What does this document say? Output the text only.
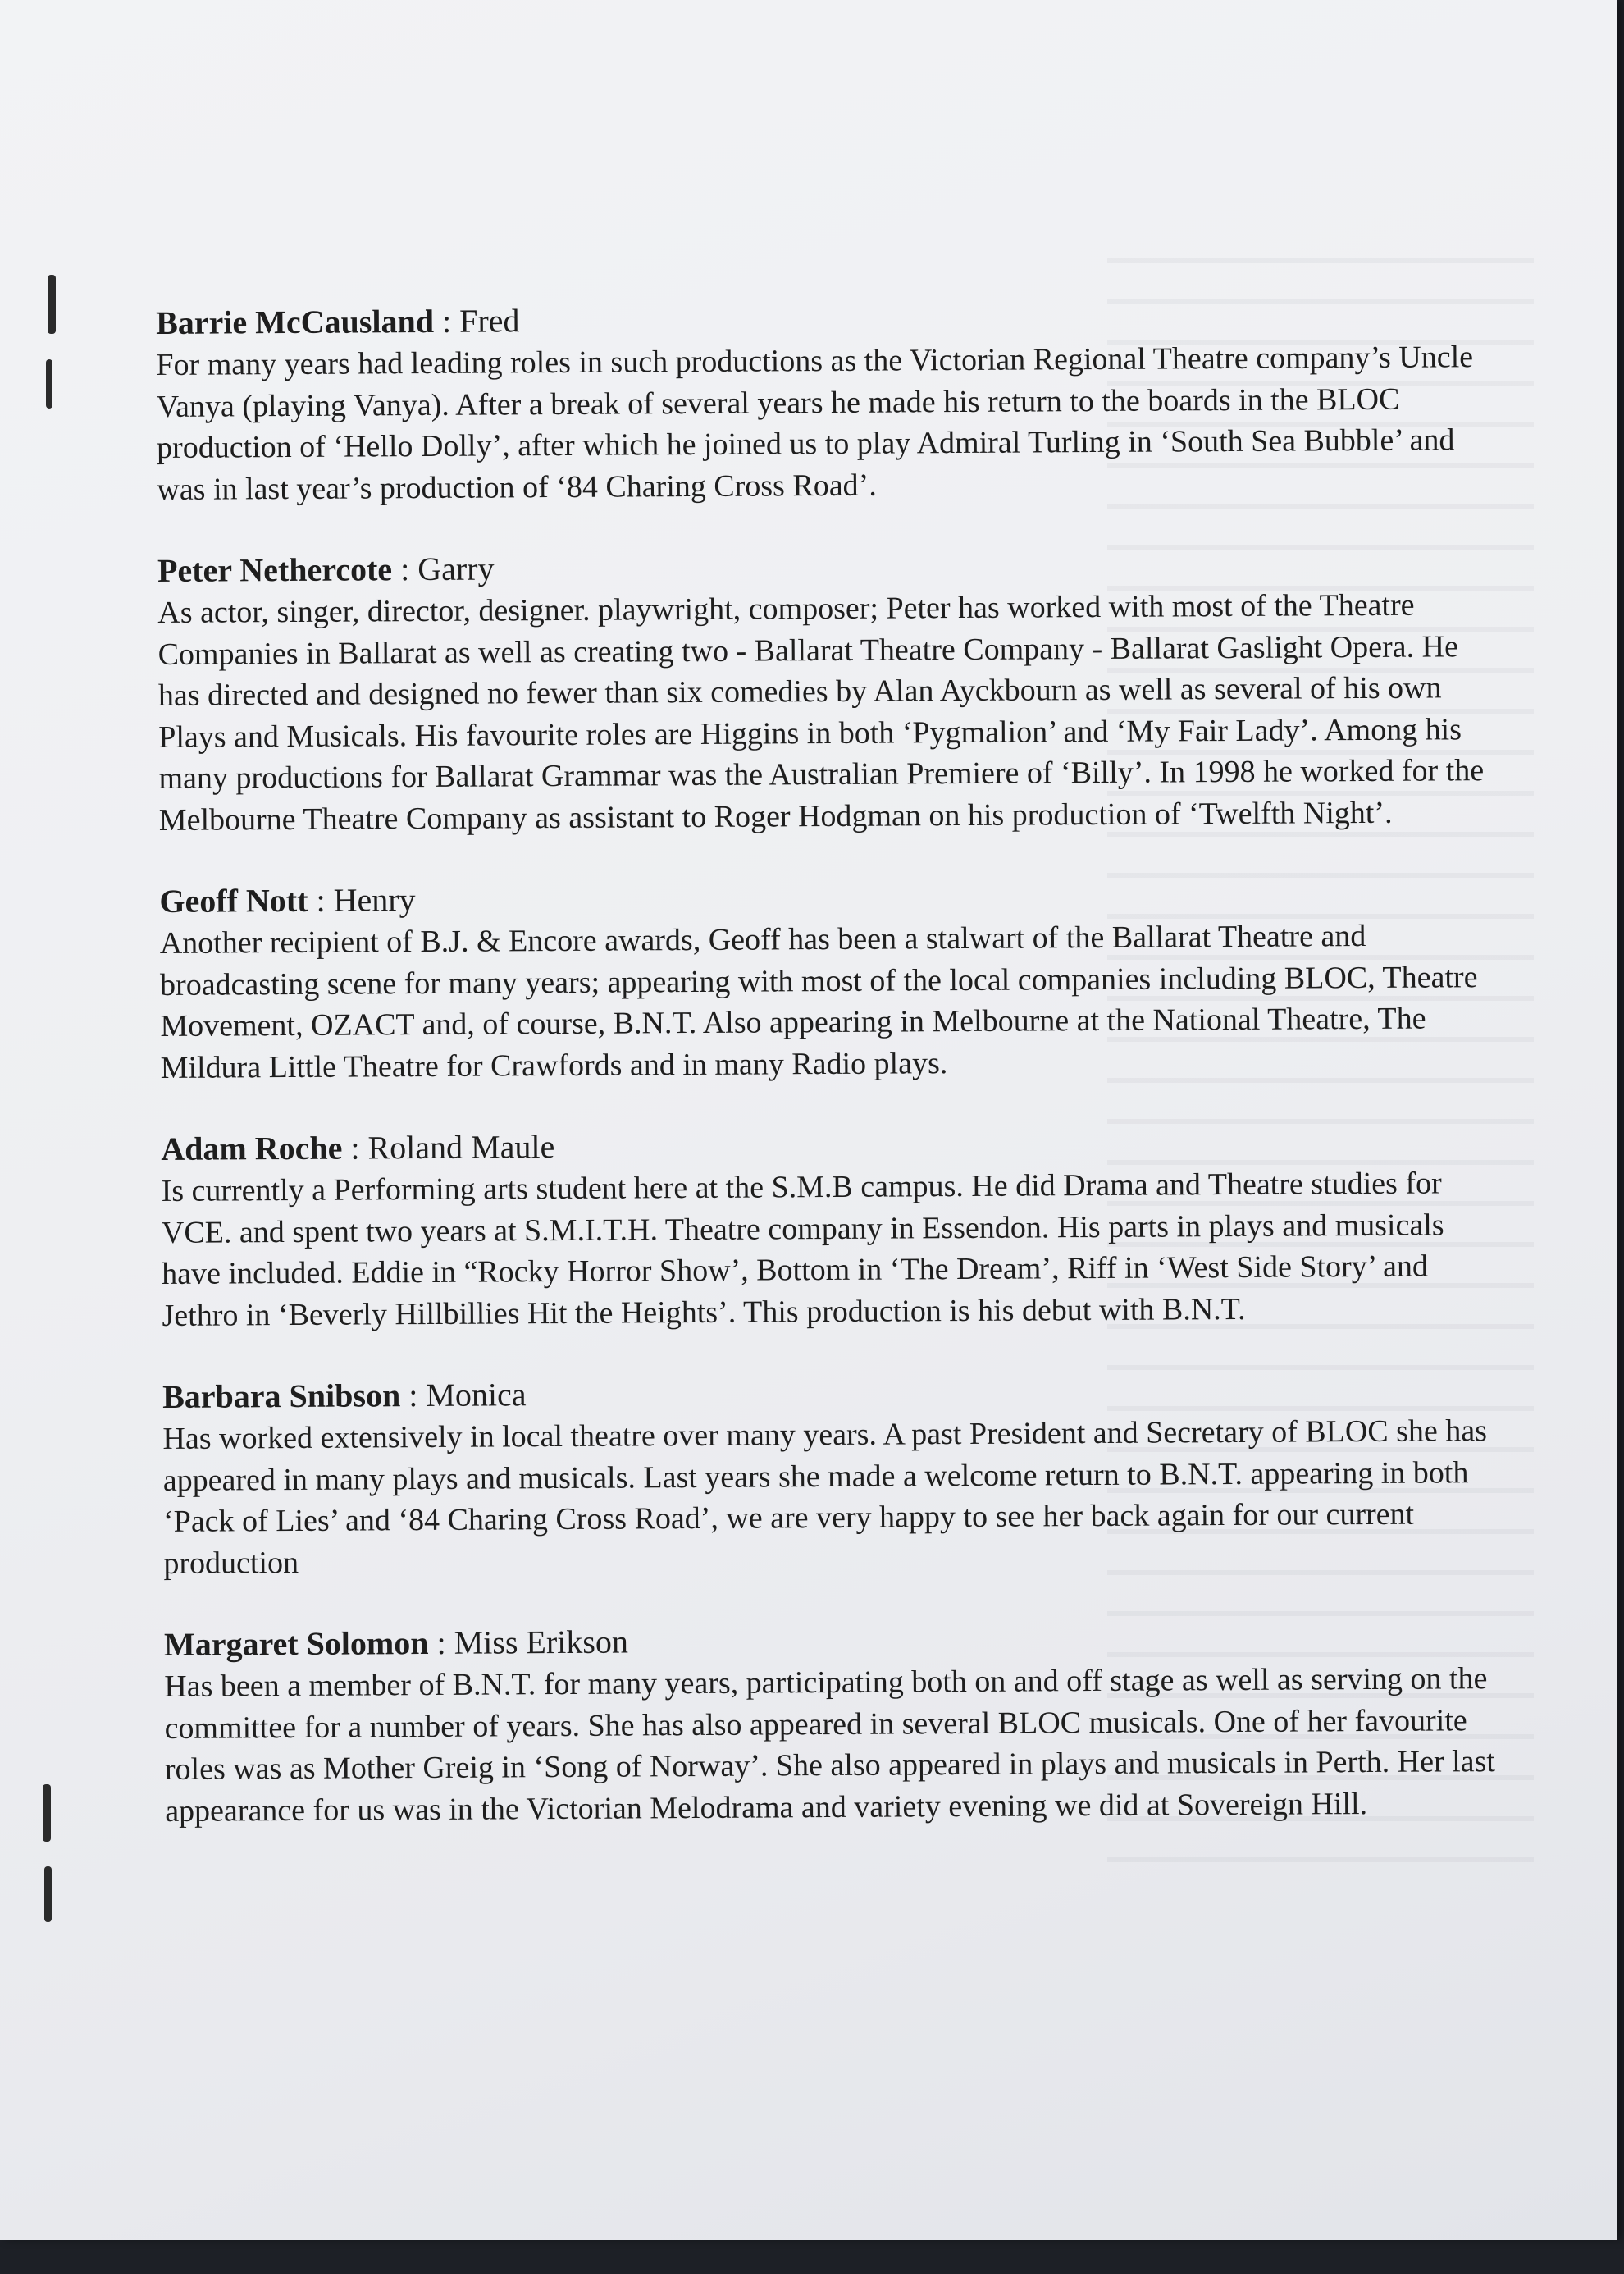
Barrie McCausland : Fred

For many years had leading roles in such productions as the Victorian Regional Theatre company’s Uncle Vanya (playing Vanya). After a break of several years he made his return to the boards in the BLOC production of ‘Hello Dolly’, after which he joined us to play Admiral Turling in ‘South Sea Bubble’ and was in last year’s production of ‘84 Charing Cross Road’.

Peter Nethercote : Garry

As actor, singer, director, designer. playwright, composer; Peter has worked with most of the Theatre Companies in Ballarat as well as creating two - Ballarat Theatre Company - Ballarat Gaslight Opera. He has directed and designed no fewer than six comedies by Alan Ayckbourn as well as several of his own Plays and Musicals. His favourite roles are Higgins in both ‘Pygmalion’ and ‘My Fair Lady’. Among his many productions for Ballarat Grammar was the Australian Premiere of ‘Billy’. In 1998 he worked for the Melbourne Theatre Company as assistant to Roger Hodgman on his production of ‘Twelfth Night’.

Geoff Nott : Henry

Another recipient of B.J. & Encore awards, Geoff has been a stalwart of the Ballarat Theatre and broadcasting scene for many years; appearing with most of the local companies including BLOC, Theatre Movement, OZACT and, of course, B.N.T. Also appearing in Melbourne at the National Theatre, The Mildura Little Theatre for Crawfords and in many Radio plays.

Adam Roche : Roland Maule

Is currently a Performing arts student here at the S.M.B campus. He did Drama and Theatre studies for VCE. and spent two years at S.M.I.T.H. Theatre company in Essendon. His parts in plays and musicals have included. Eddie in “Rocky Horror Show’, Bottom in ‘The Dream’, Riff in ‘West Side Story’ and Jethro in ‘Beverly Hillbillies Hit the Heights’. This production is his debut with B.N.T.

Barbara Snibson : Monica

Has worked extensively in local theatre over many years. A past President and Secretary of BLOC she has appeared in many plays and musicals. Last years she made a welcome return to B.N.T. appearing in both ‘Pack of Lies’ and ‘84 Charing Cross Road’, we are very happy to see her back again for our current production

Margaret Solomon : Miss Erikson

Has been a member of B.N.T. for many years, participating both on and off stage as well as serving on the committee for a number of years. She has also appeared in several BLOC musicals. One of her favourite roles was as Mother Greig in ‘Song of Norway’. She also appeared in plays and musicals in Perth. Her last appearance for us was in the Victorian Melodrama and variety evening we did at Sovereign Hill.
